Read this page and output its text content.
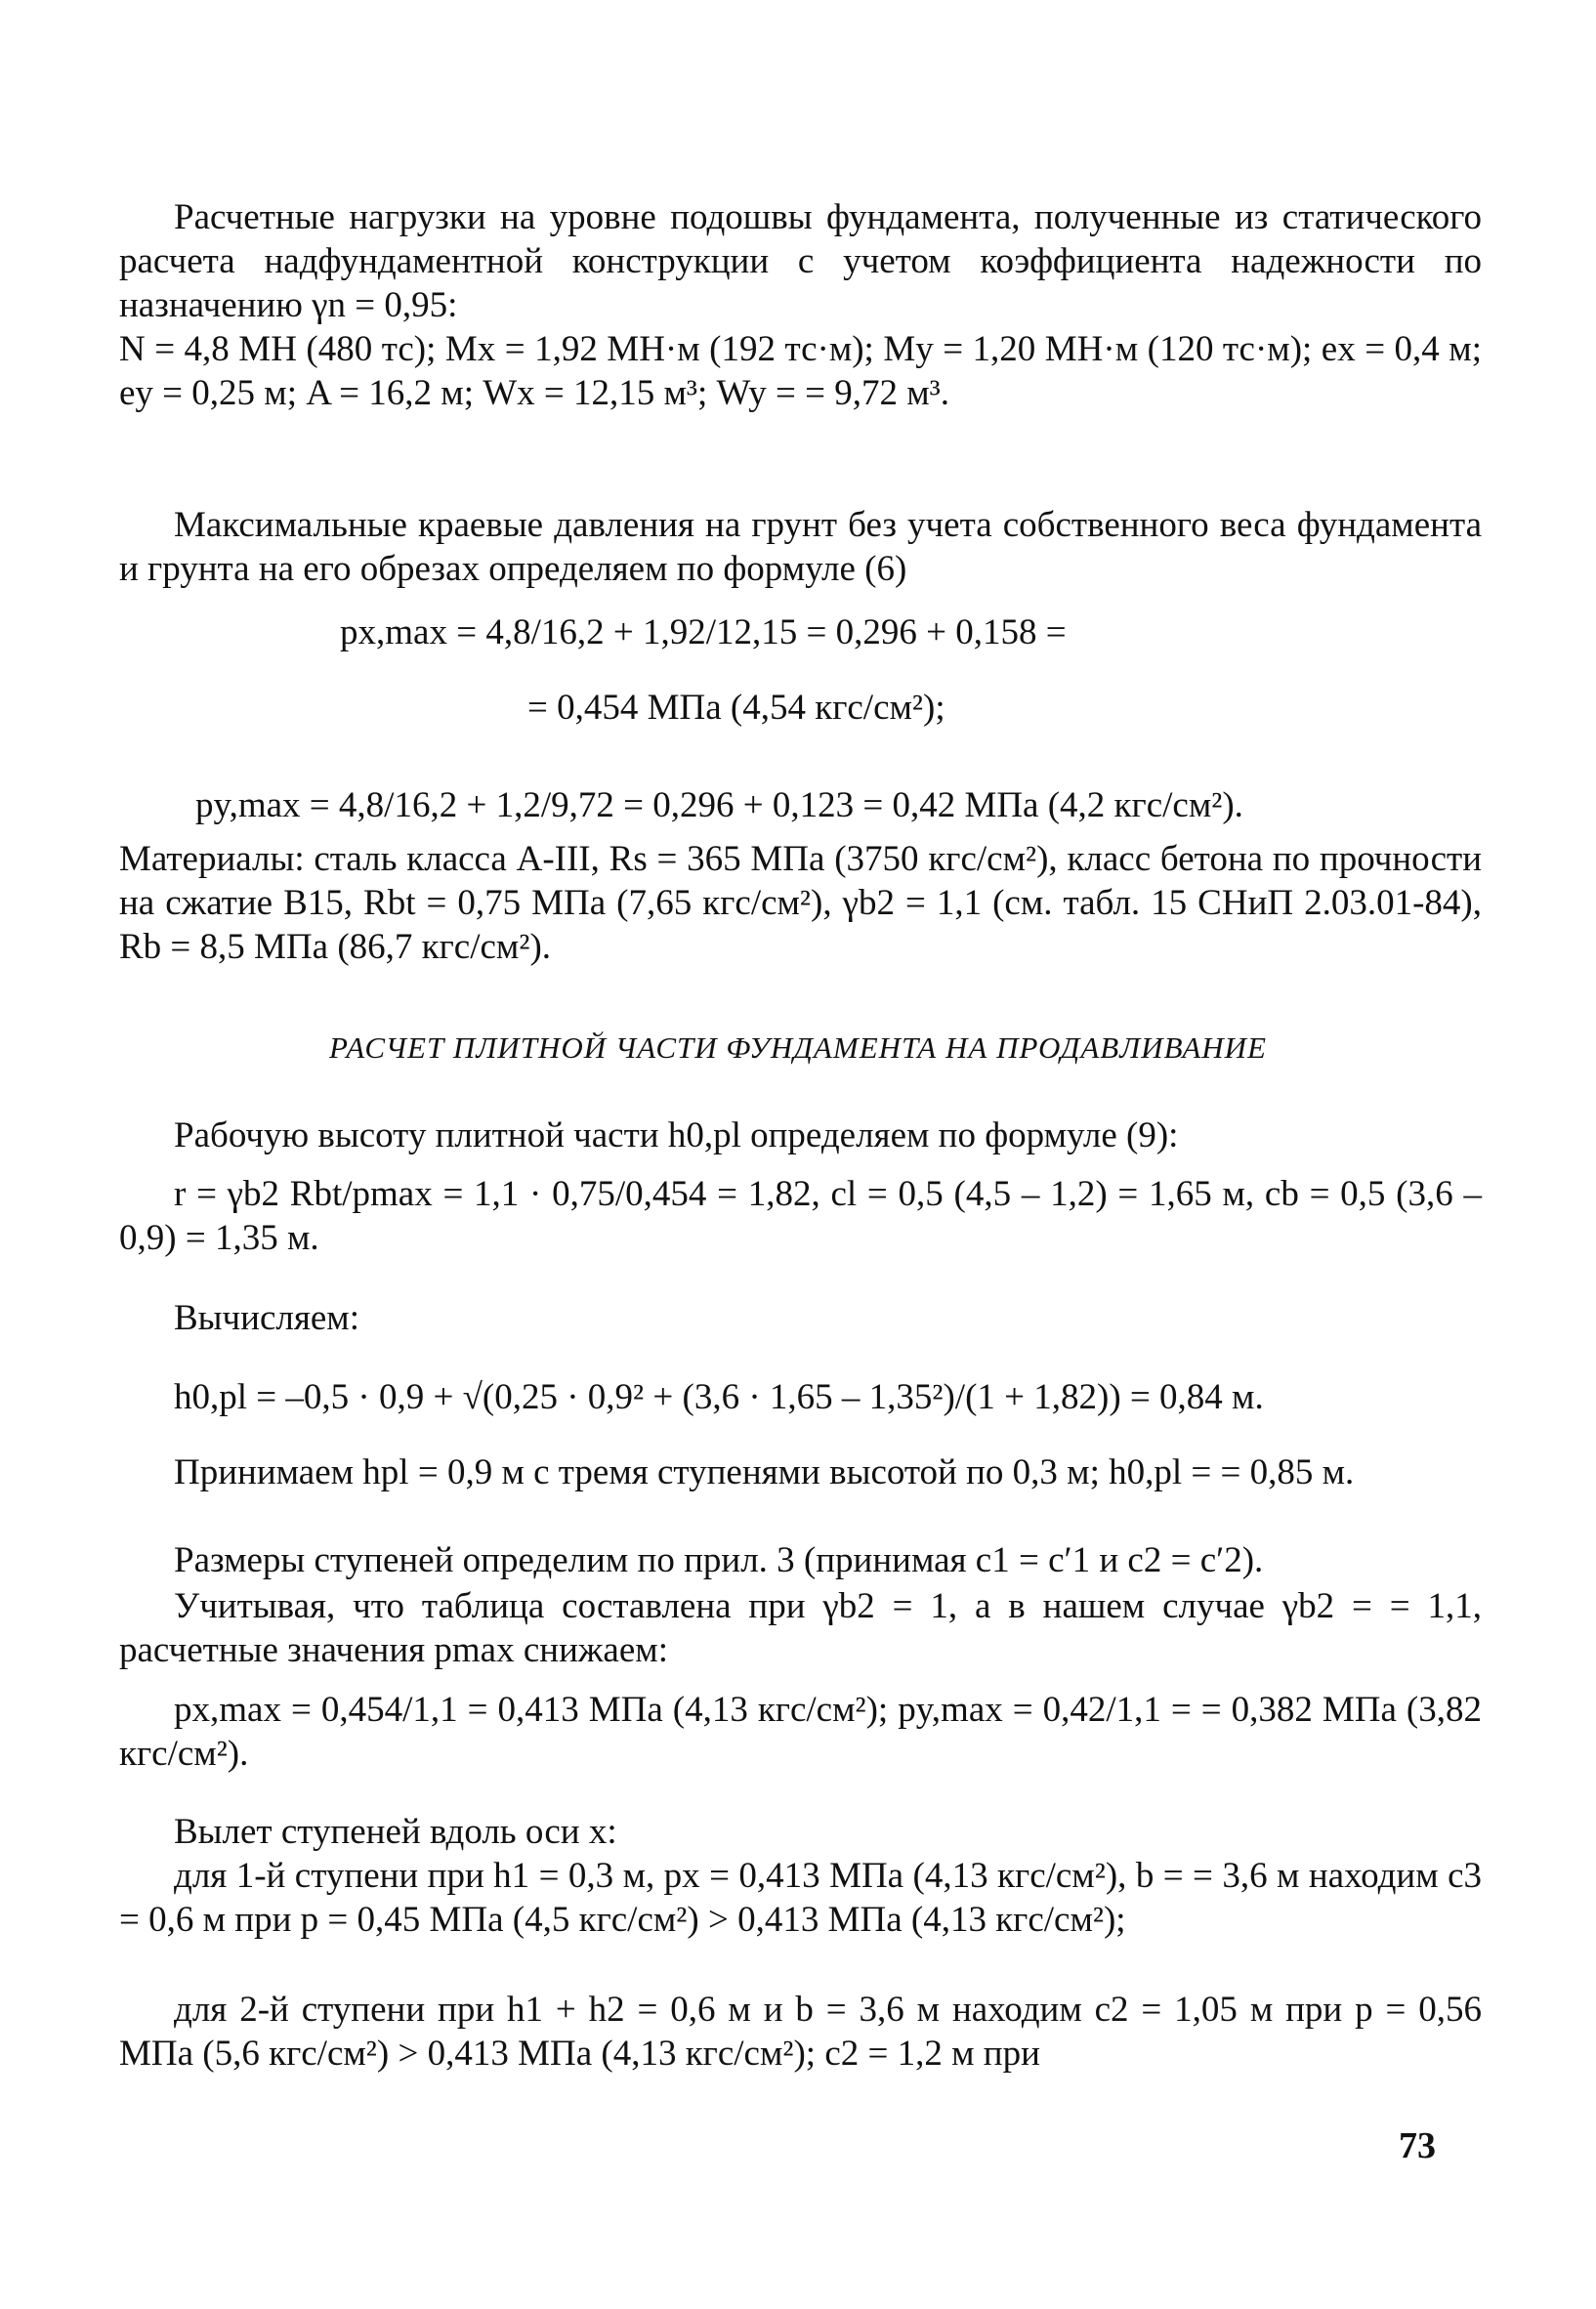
Расчетные нагрузки на уровне подошвы фундамента, полученные из статического расчета надфундаментной конструкции с учетом коэффициента надежности по назначению γn = 0,95:

N = 4,8 МН (480 тс); Mx = 1,92 МН·м (192 тс·м); My = 1,20 МН·м (120 тс·м); ex = 0,4 м; ey = 0,25 м; A = 16,2 м; Wx = 12,15 м³; Wy = = 9,72 м³.

Максимальные краевые давления на грунт без учета собственного веса фундамента и грунта на его обрезах определяем по формуле (6)

px,max = 4,8/16,2 + 1,92/12,15 = 0,296 + 0,158 =

= 0,454 МПа (4,54 кгс/см²);

py,max = 4,8/16,2 + 1,2/9,72 = 0,296 + 0,123 = 0,42 МПа (4,2 кгс/см²).

Материалы: сталь класса А-III, Rs = 365 МПа (3750 кгс/см²), класс бетона по прочности на сжатие B15, Rbt = 0,75 МПа (7,65 кгс/см²), γb2 = 1,1 (см. табл. 15 СНиП 2.03.01-84), Rb = 8,5 МПа (86,7 кгс/см²).

РАСЧЕТ ПЛИТНОЙ ЧАСТИ ФУНДАМЕНТА НА ПРОДАВЛИВАНИЕ

Рабочую высоту плитной части h0,pl определяем по формуле (9):

r = γb2 Rbt/pmax = 1,1 · 0,75/0,454 = 1,82, cl = 0,5 (4,5 – 1,2) = 1,65 м, cb = 0,5 (3,6 – 0,9) = 1,35 м.

Вычисляем:

h0,pl = –0,5 · 0,9 + √(0,25 · 0,9² + (3,6 · 1,65 – 1,35²)/(1 + 1,82)) = 0,84 м.

Принимаем hpl = 0,9 м с тремя ступенями высотой по 0,3 м; h0,pl = = 0,85 м.

Размеры ступеней определим по прил. 3 (принимая c1 = c′1 и c2 = c′2).

Учитывая, что таблица составлена при γb2 = 1, а в нашем случае γb2 = = 1,1, расчетные значения pmax снижаем:

px,max = 0,454/1,1 = 0,413 МПа (4,13 кгс/см²); py,max = 0,42/1,1 = = 0,382 МПа (3,82 кгс/см²).

Вылет ступеней вдоль оси x:

для 1-й ступени при h1 = 0,3 м, px = 0,413 МПа (4,13 кгс/см²), b = = 3,6 м находим c3 = 0,6 м при p = 0,45 МПа (4,5 кгс/см²) > 0,413 МПа (4,13 кгс/см²);

для 2-й ступени при h1 + h2 = 0,6 м и b = 3,6 м находим c2 = 1,05 м при p = 0,56 МПа (5,6 кгс/см²) > 0,413 МПа (4,13 кгс/см²); c2 = 1,2 м при

73
